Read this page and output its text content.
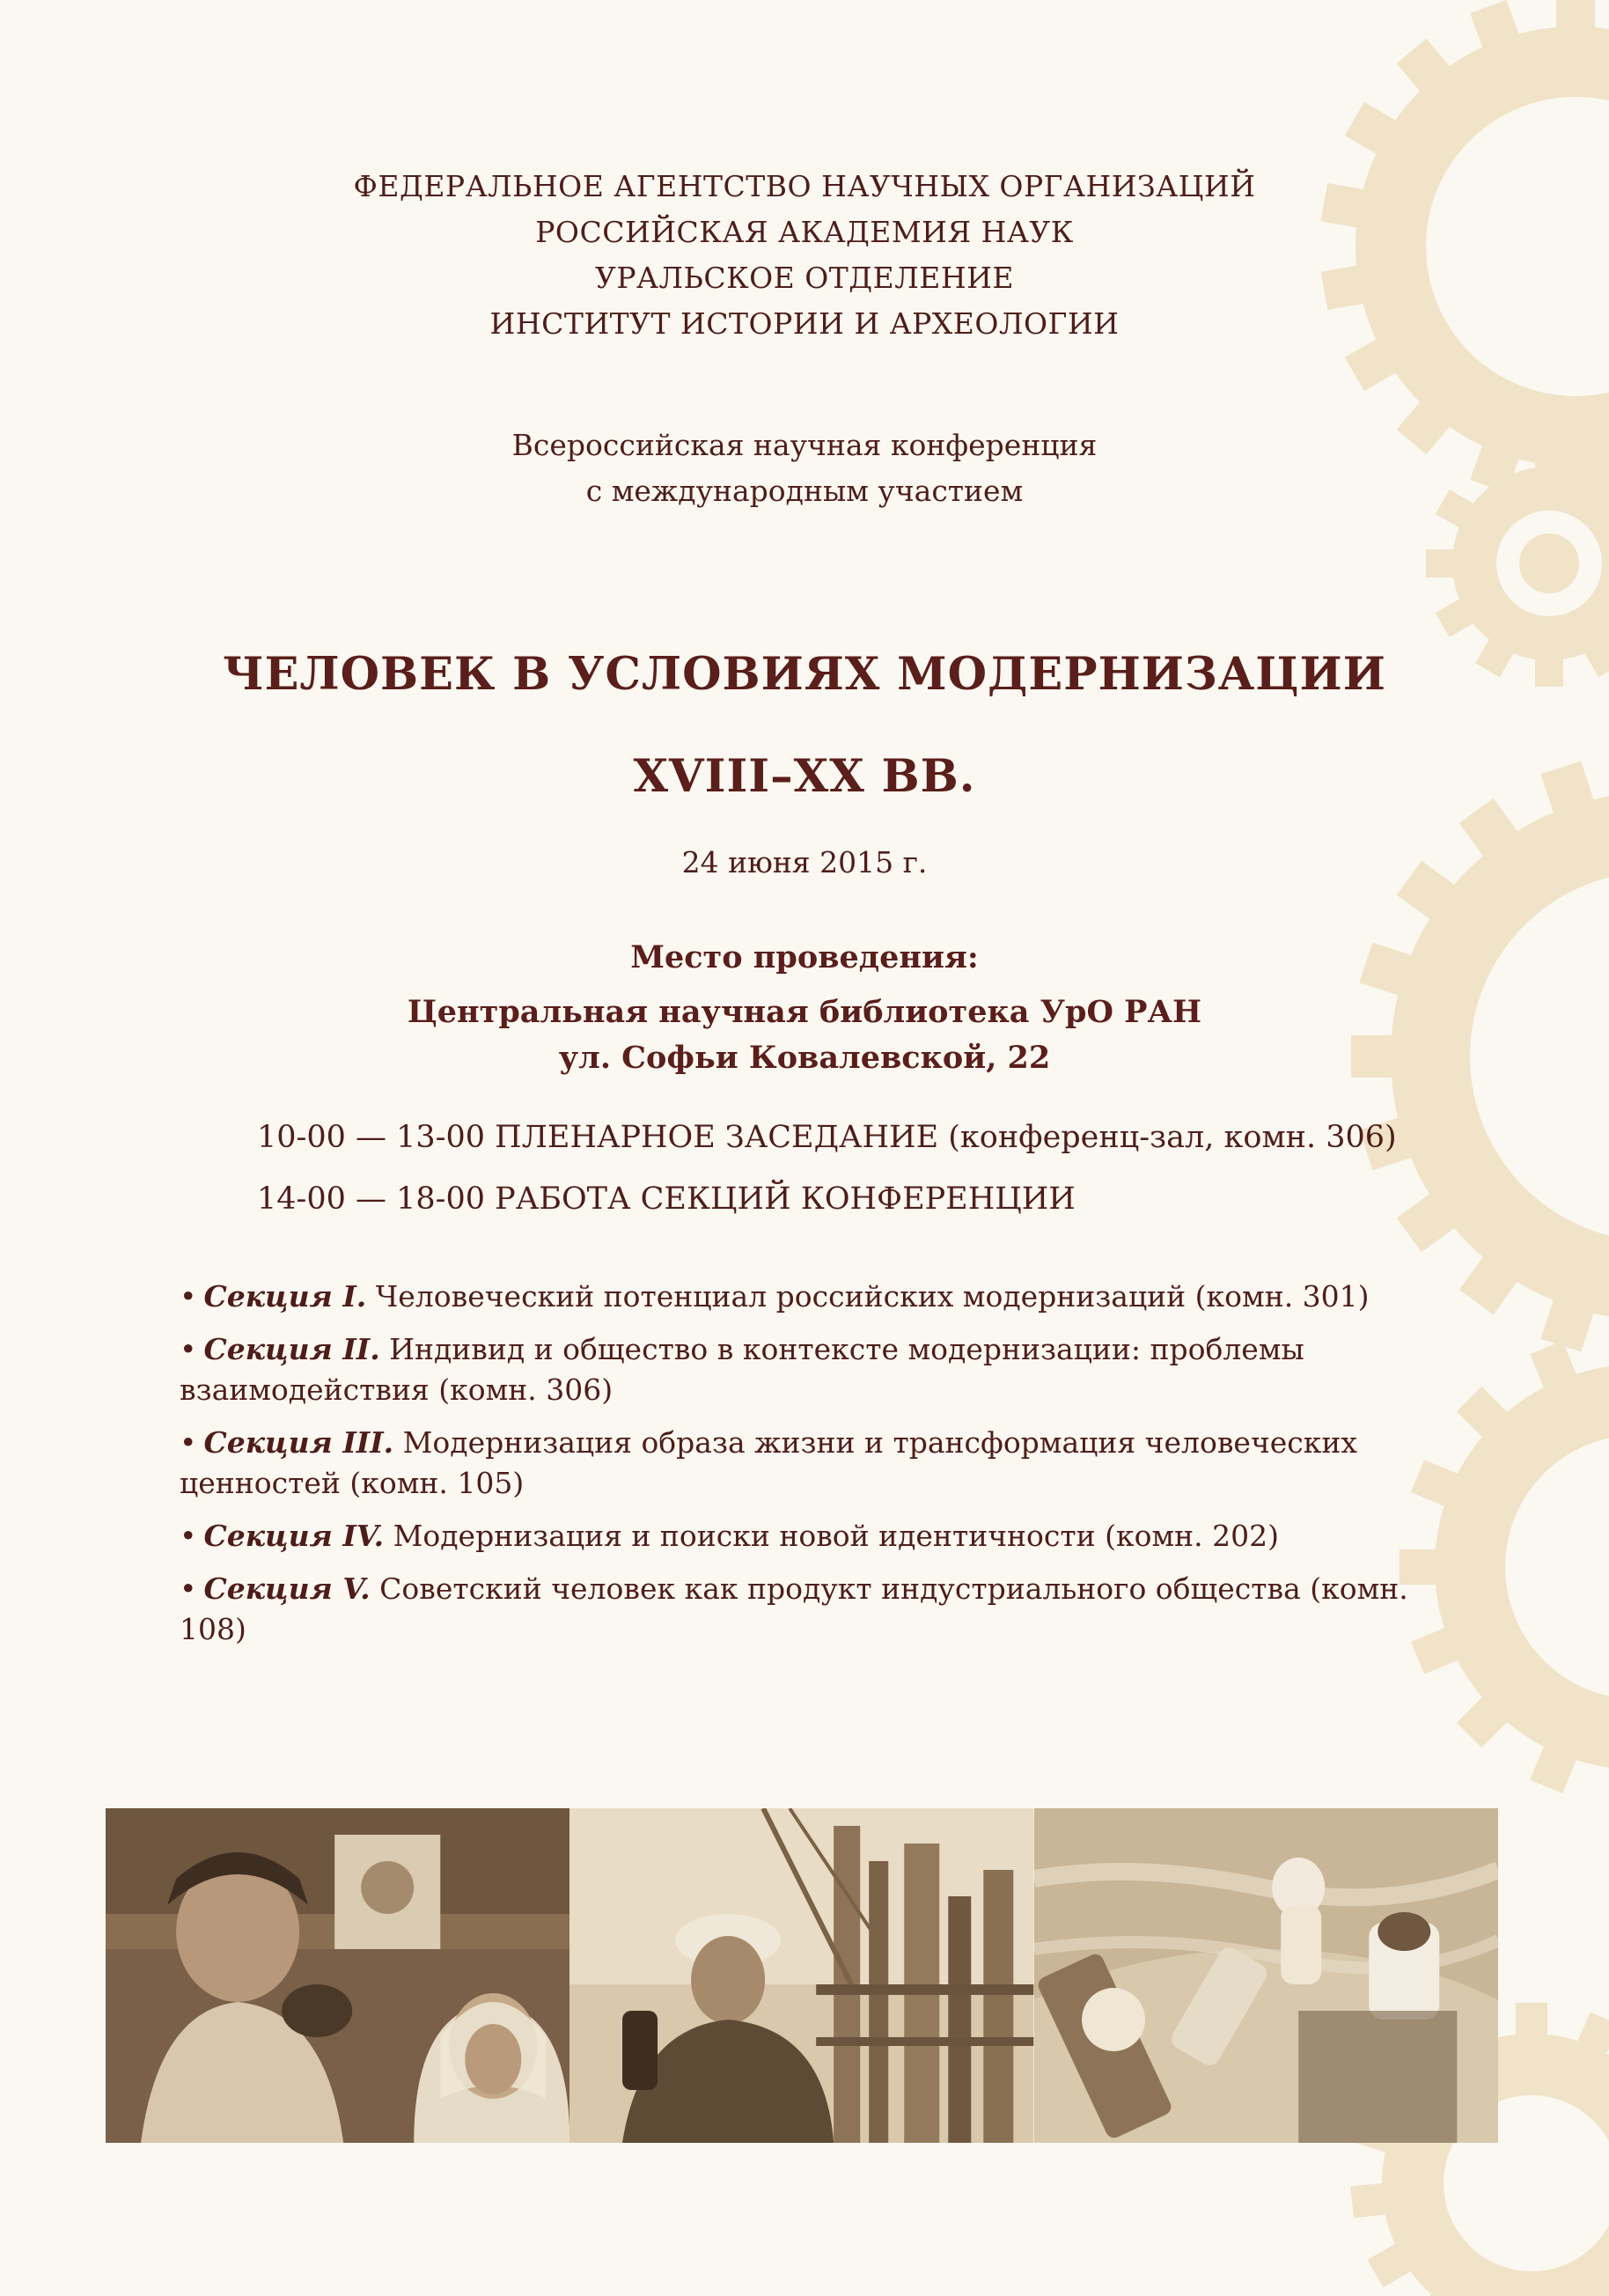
ФЕДЕРАЛЬНОЕ АГЕНТСТВО НАУЧНЫХ ОРГАНИЗАЦИЙ
РОССИЙСКАЯ АКАДЕМИЯ НАУК
УРАЛЬСКОЕ ОТДЕЛЕНИЕ
ИНСТИТУТ ИСТОРИИ И АРХЕОЛОГИИ
Всероссийская научная конференция
с международным участием
ЧЕЛОВЕК В УСЛОВИЯХ МОДЕРНИЗАЦИИ
XVIII–XX ВВ.
24 июня 2015 г.
Место проведения:
Центральная научная библиотека УрО РАН
ул. Софьи Ковалевской, 22
10-00 — 13-00 ПЛЕНАРНОЕ ЗАСЕДАНИЕ (конференц-зал, комн. 306)
14-00 — 18-00 РАБОТА СЕКЦИЙ КОНФЕРЕНЦИИ
• Секция I. Человеческий потенциал российских модернизаций (комн. 301)
• Секция II. Индивид и общество в контексте модернизации: проблемы взаимодействия (комн. 306)
• Секция III. Модернизация образа жизни и трансформация человеческих ценностей (комн. 105)
• Секция IV. Модернизация и поиски новой идентичности (комн. 202)
• Секция V. Советский человек как продукт индустриального общества (комн. 108)
